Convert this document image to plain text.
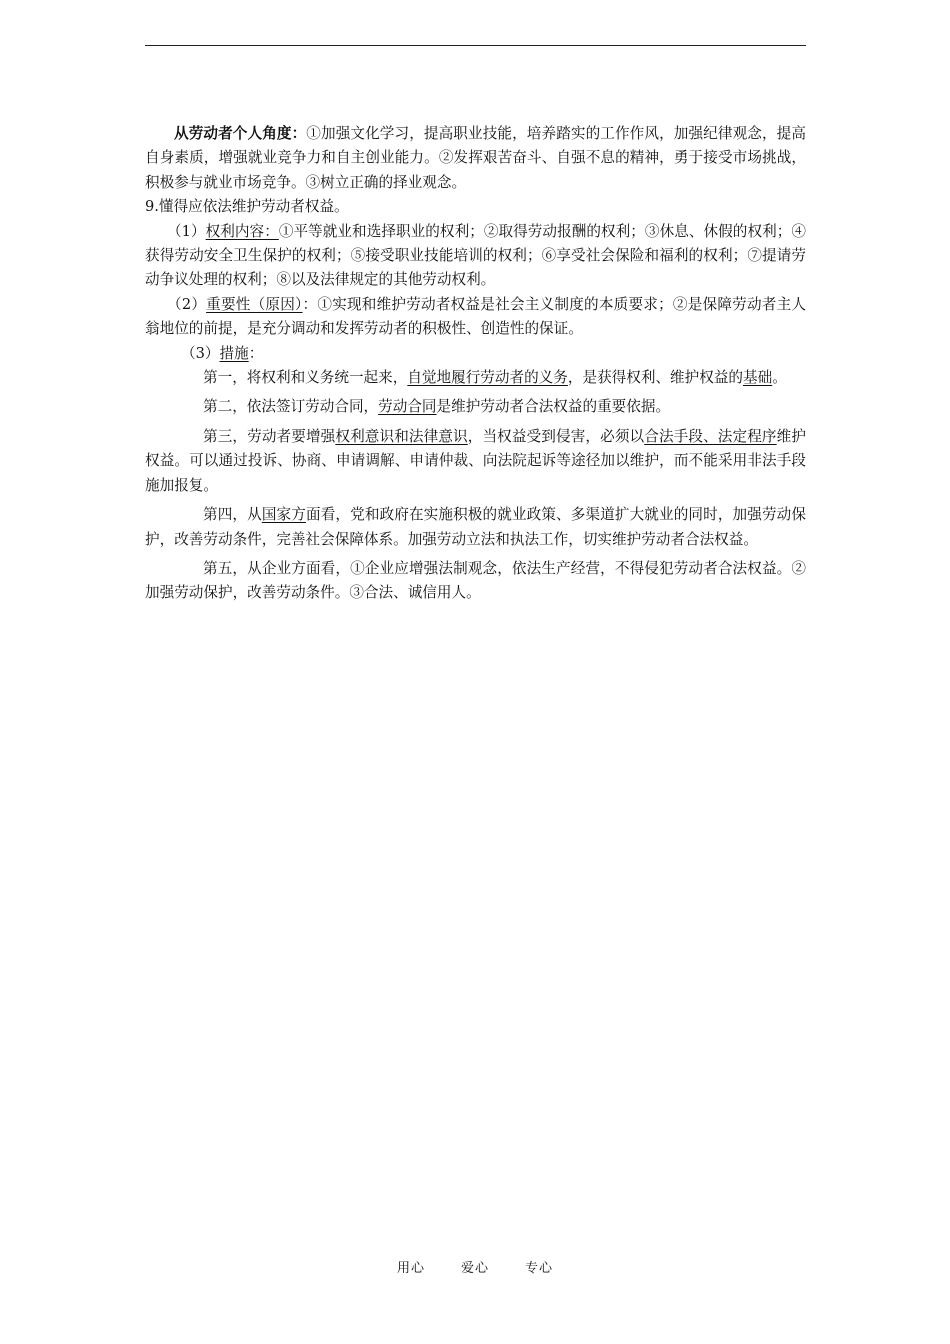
从劳动者个人角度：①加强文化学习，提高职业技能，培养踏实的工作作风，加强纪律观念，提高自身素质，增强就业竞争力和自主创业能力。②发挥艰苦奋斗、自强不息的精神，勇于接受市场挑战，积极参与就业市场竞争。③树立正确的择业观念。

9.懂得应依法维护劳动者权益。

（1）权利内容：①平等就业和选择职业的权利；②取得劳动报酬的权利；③休息、休假的权利；④获得劳动安全卫生保护的权利；⑤接受职业技能培训的权利；⑥享受社会保险和福利的权利；⑦提请劳动争议处理的权利；⑧以及法律规定的其他劳动权利。

（2）重要性（原因）：①实现和维护劳动者权益是社会主义制度的本质要求；②是保障劳动者主人翁地位的前提，是充分调动和发挥劳动者的积极性、创造性的保证。

（3）措施：

第一，将权利和义务统一起来，自觉地履行劳动者的义务，是获得权利、维护权益的基础。

第二，依法签订劳动合同，劳动合同是维护劳动者合法权益的重要依据。

第三，劳动者要增强权利意识和法律意识，当权益受到侵害，必须以合法手段、法定程序维护权益。可以通过投诉、协商、申请调解、申请仲裁、向法院起诉等途径加以维护，而不能采用非法手段施加报复。

第四，从国家方面看，党和政府在实施积极的就业政策、多渠道扩大就业的同时，加强劳动保护，改善劳动条件，完善社会保障体系。加强劳动立法和执法工作，切实维护劳动者合法权益。

第五，从企业方面看，①企业应增强法制观念，依法生产经营，不得侵犯劳动者合法权益。②加强劳动保护，改善劳动条件。③合法、诚信用人。

用心	爱心	专心
